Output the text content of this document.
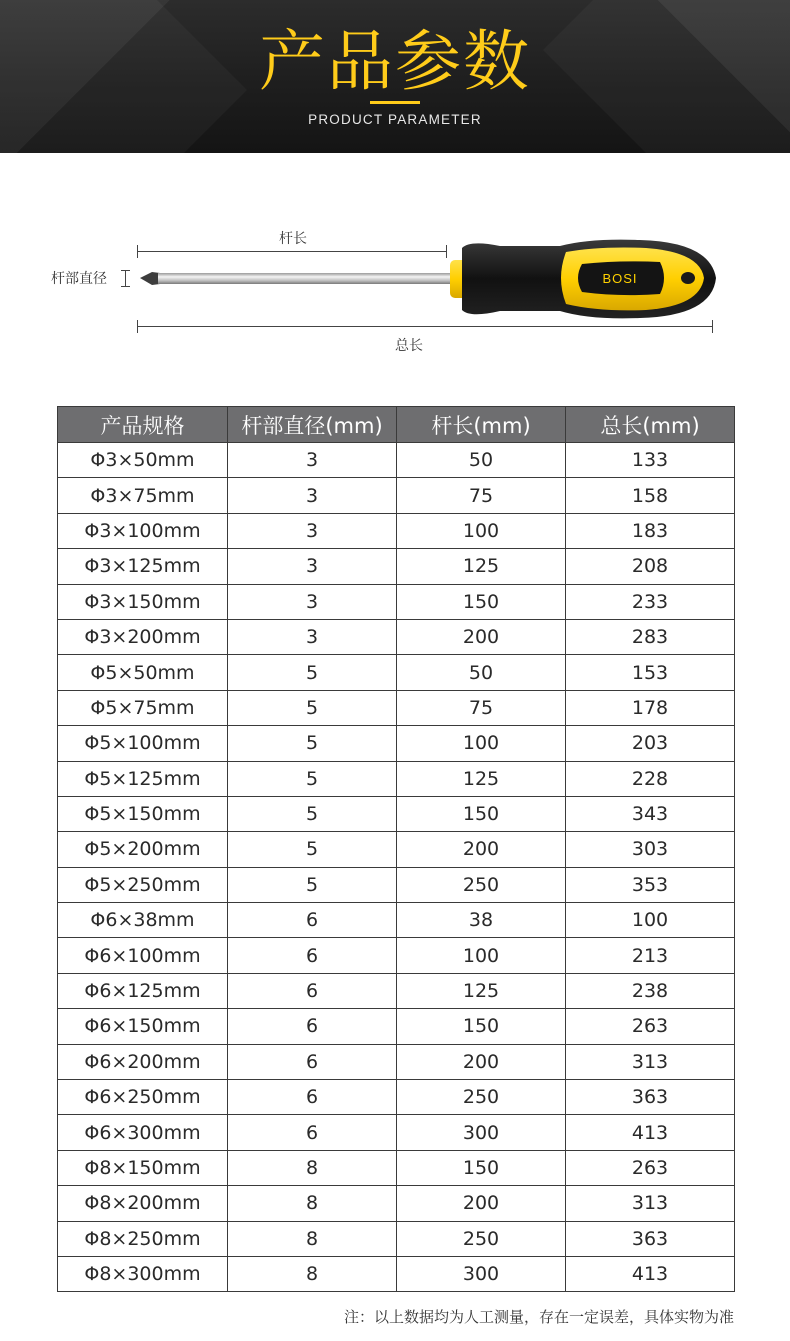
产品参数
PRODUCT PARAMETER
杆长
杆部直径	BOSI
总长
产品规格	杆部直径(mm)	杆长(mm)	总长(mm)
Φ3×50mm	3	50	133
Φ3×75mm	3	75	158
Φ3×100mm	3	100	183
Φ3×125mm	3	125	208
Φ3×150mm	3	150	233
Φ3×200mm	3	200	283
Φ5×50mm	5	50	153
Φ5×75mm	5	75	178
Φ5×100mm	5	100	203
Φ5×125mm	5	125	228
Φ5×150mm	5	150	343
Φ5×200mm	5	200	303
Φ5×250mm	5	250	353
Φ6×38mm	6	38	100
Φ6×100mm	6	100	213
Φ6×125mm	6	125	238
Φ6×150mm	6	150	263
Φ6×200mm	6	200	313
Φ6×250mm	6	250	363
Φ6×300mm	6	300	413
Φ8×150mm	8	150	263
Φ8×200mm	8	200	313
Φ8×250mm	8	250	363
Φ8×300mm	8	300	413
注：以上数据均为人工测量，存在一定误差，具体实物为准
